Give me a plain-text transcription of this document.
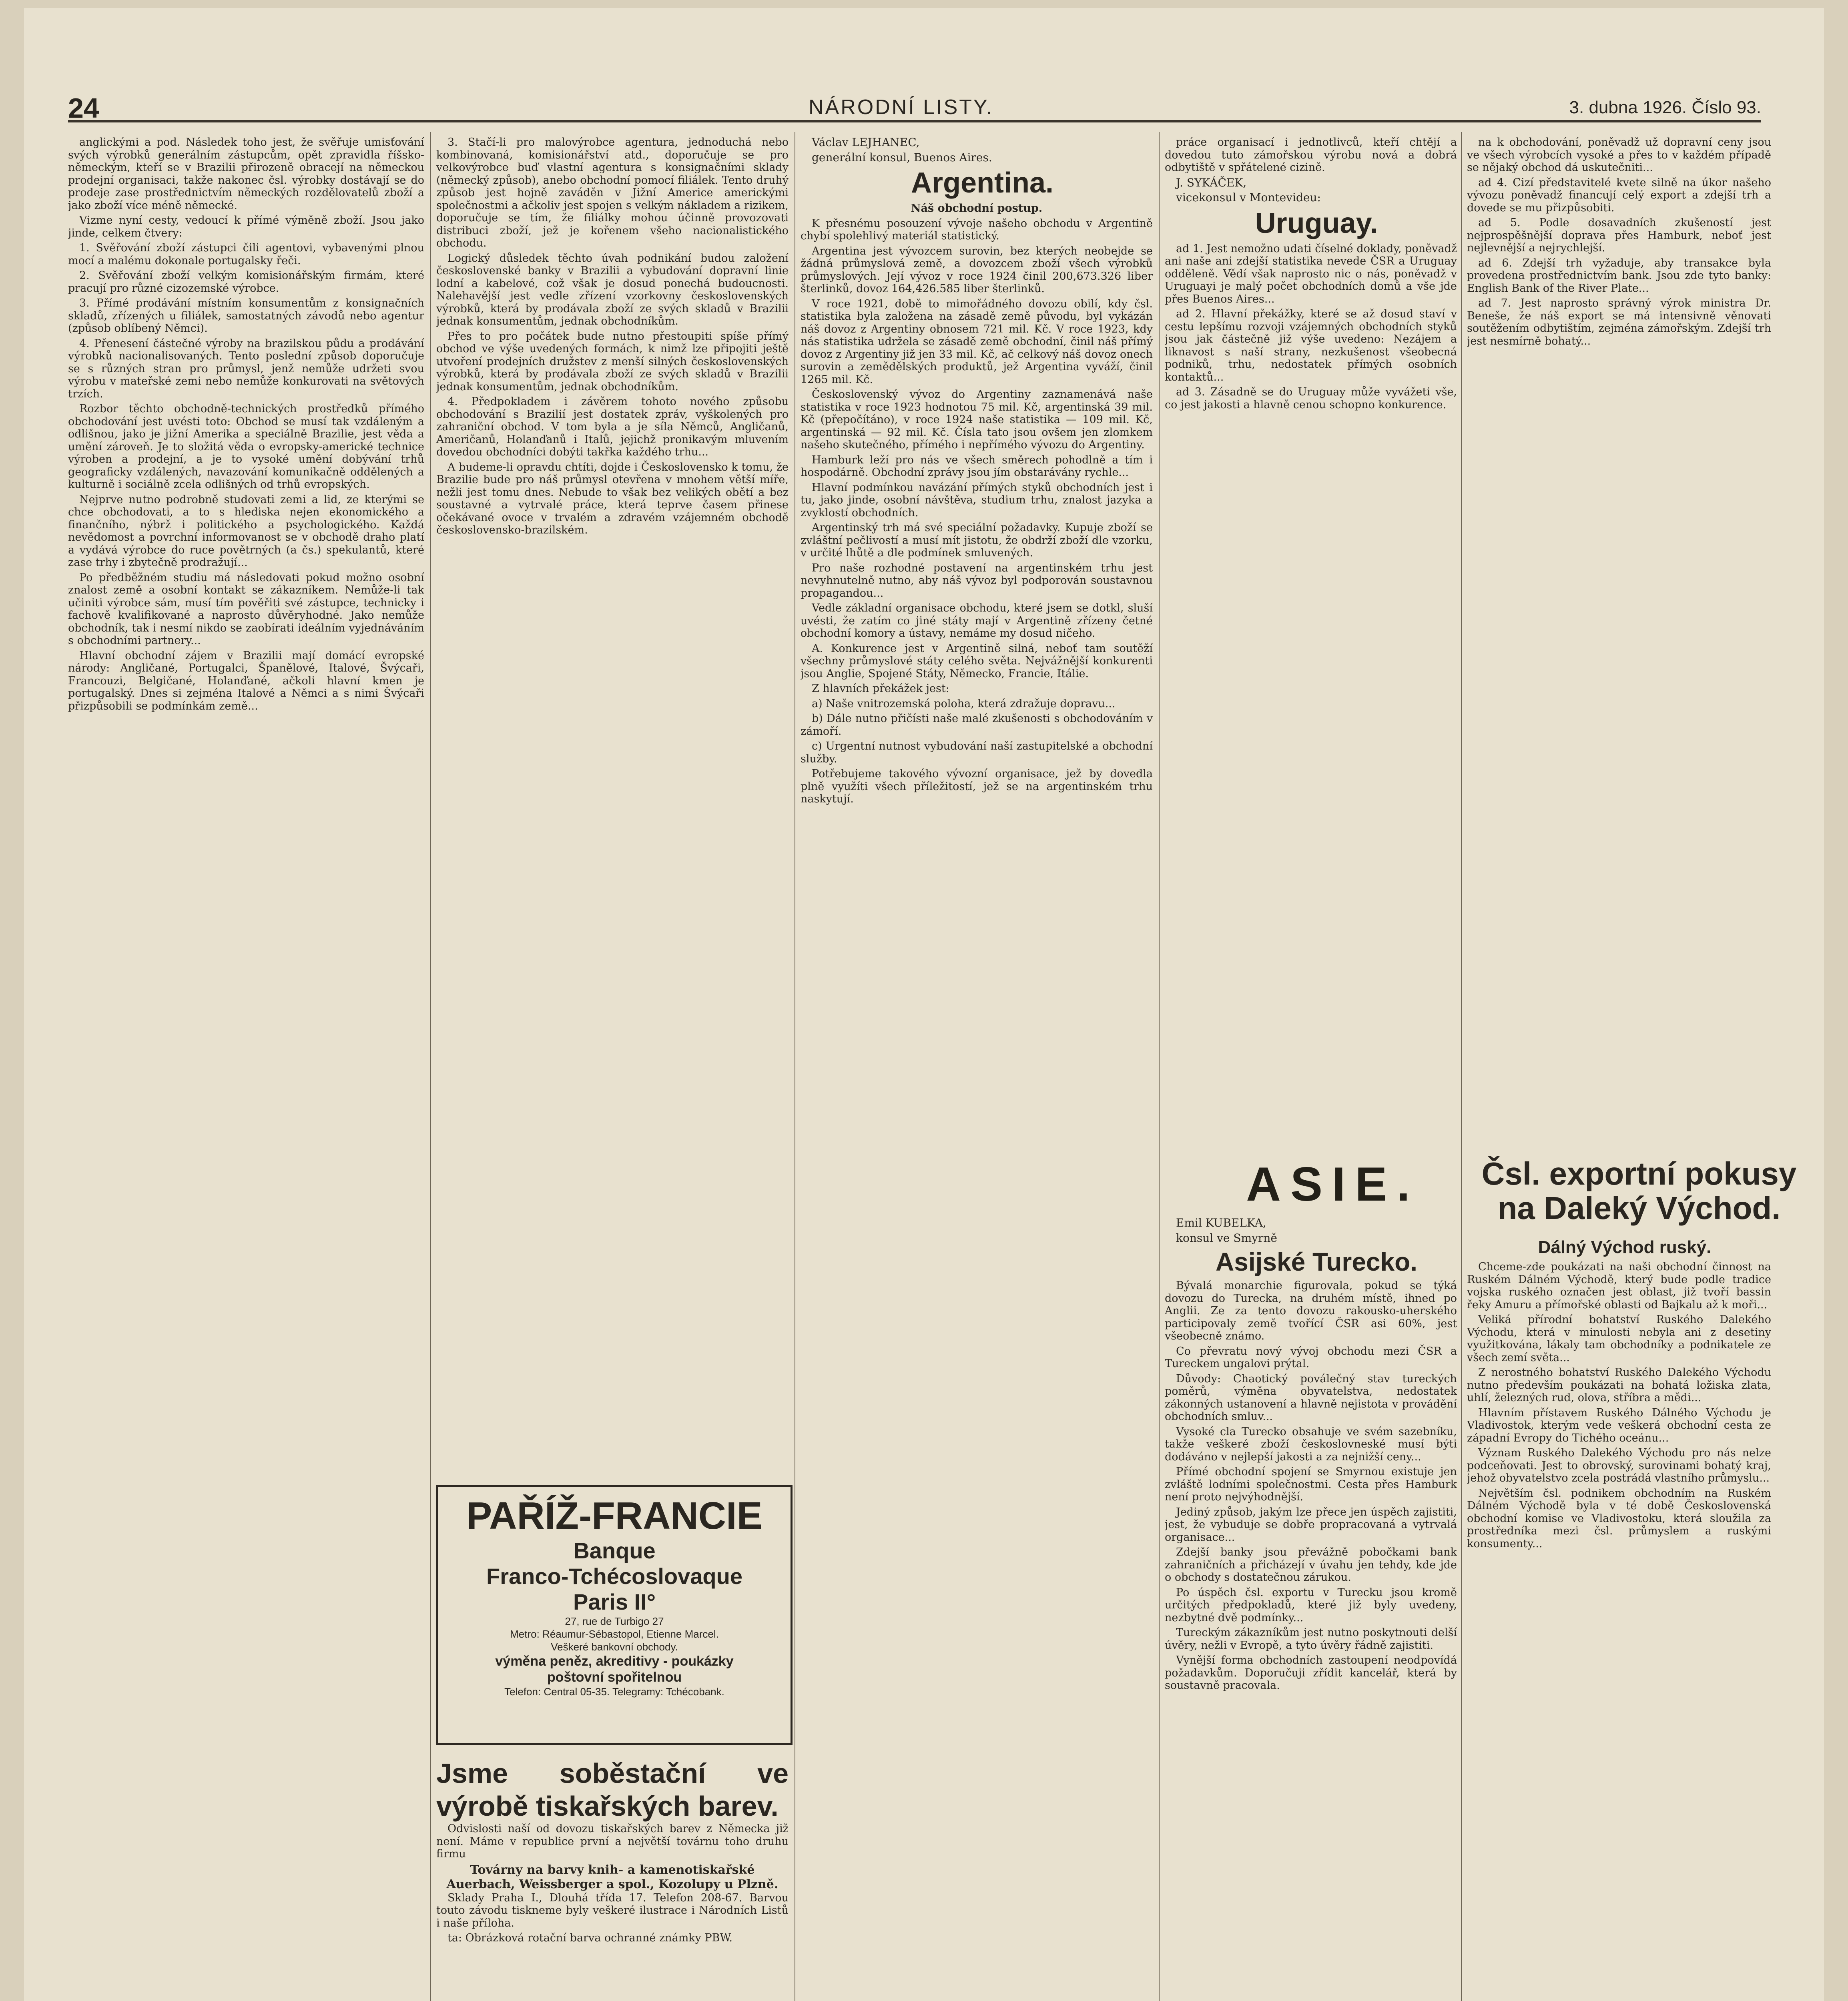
24	NÁRODNÍ LISTY.	3. dubna 1926. Číslo 93.

anglickými a pod. Následek toho jest, že svěřuje umisťování svých výrobků generálním zástupcům, opět zpravidla říšsko-německým, kteří se v Brazilii přirozeně obracejí na německou prodejní organisaci, takže nakonec čsl. výrobky dostávají se do prodeje zase prostřednictvím německých rozdělovatelů zboží a jako zboží více méně německé.

Vizme nyní cesty, vedoucí k přímé výměně zboží. Jsou jako jinde, celkem čtvery:

1. Svěřování zboží zástupci čili agentovi, vybavenými plnou mocí a malému dokonale portugalsky řeči.

2. Svěřování zboží velkým komisionářským firmám, které pracují pro různé cizozemské výrobce.

3. Přímé prodávání místním konsumentům z konsignačních skladů, zřízených u filiálek, samostatných závodů nebo agentur (způsob oblíbený Němci).

4. Přenesení částečné výroby na brazilskou půdu a prodávání výrobků nacionalisovaných. Tento poslední způsob doporučuje se s různých stran pro průmysl, jenž nemůže udržeti svou výrobu v mateřské zemi nebo nemůže konkurovati na světových trzích.

Rozbor těchto obchodně-technických prostředků přímého obchodování jest uvésti toto: Obchod se musí tak vzdáleným a odlišnou, jako je jižní Amerika a speciálně Brazilie, jest věda a umění zároveň. Je to složitá věda o evropsky-americké technice výroben a prodejní, a je to vysoké umění dobývání trhů geograficky vzdálených, navazování komunikačně oddělených a kulturně i sociálně zcela odlišných od trhů evropských.

Nejprve nutno podrobně studovati zemi a lid, ze kterými se chce obchodovati, a to s hlediska nejen ekonomického a finančního, nýbrž i politického a psychologického. Každá nevědomost a povrchní informovanost se v obchodě draho platí a vydává výrobce do ruce povětrných (a čs.) spekulantů, které zase trhy i zbytečně prodražují...

Po předběžném studiu má následovati pokud možno osobní znalost země a osobní kontakt se zákazníkem. Nemůže-li tak učiniti výrobce sám, musí tím pověřiti své zástupce, technicky i fachově kvalifikované a naprosto důvěryhodné. Jako nemůže obchodník, tak i nesmí nikdo se zaobírati ideálním vyjednáváním s obchodními partnery...

Hlavní obchodní zájem v Brazilii mají domácí evropské národy: Angličané, Portugalci, Španělové, Italové, Švýcaři, Francouzi, Belgičané, Holanďané, ačkoli hlavní kmen je portugalský. Dnes si zejména Italové a Němci a s nimi Švýcaři přizpůsobili se podmínkám země...

3. Stačí-li pro malovýrobce agentura, jednoduchá nebo kombinovaná, komisionářství atd., doporučuje se pro velkovýrobce buď vlastní agentura s konsignačními sklady (německý způsob), anebo obchodní pomocí filiálek. Tento druhý způsob jest hojně zaváděn v Jižní Americe americkými společnostmi a ačkoliv jest spojen s velkým nákladem a rizikem, doporučuje se tím, že filiálky mohou účinně provozovati distribuci zboží, jež je kořenem všeho nacionalistického obchodu.

Logický důsledek těchto úvah podnikání budou založení československé banky v Brazilii a vybudování dopravní linie lodní a kabelové, což však je dosud ponechá budoucnosti. Nalehavější jest vedle zřízení vzorkovny československých výrobků, která by prodávala zboží ze svých skladů v Brazilii jednak konsumentům, jednak obchodníkům.

Přes to pro počátek bude nutno přestoupiti spíše přímý obchod ve výše uvedených formách, k nimž lze připojiti ještě utvoření prodejních družstev z menší silných československých výrobků, která by prodávala zboží ze svých skladů v Brazilii jednak konsumentům, jednak obchodníkům.

4. Předpokladem i závěrem tohoto nového způsobu obchodování s Brazilií jest dostatek zpráv, vyškolených pro zahraniční obchod. V tom byla a je síla Němců, Angličanů, Američanů, Holanďanů i Italů, jejichž pronikavým mluvením dovedou obchodníci dobýti takřka každého trhu...

A budeme-li opravdu chtíti, dojde i Československo k tomu, že Brazilie bude pro náš průmysl otevřena v mnohem větší míře, nežli jest tomu dnes. Nebude to však bez velikých obětí a bez soustavné a vytrvalé práce, která teprve časem přinese očekávané ovoce v trvalém a zdravém vzájemném obchodě československo-brazilském.

PAŘÍŽ-FRANCIE
Banque
Franco-Tchécoslovaque
Paris II°
27, rue de Turbigo 27
Metro: Réaumur-Sébastopol, Etienne Marcel.
Veškeré bankovní obchody.
výměna peněz, akreditivy - poukázky
poštovní spořitelnou
Telefon: Central 05-35. Telegramy: Tchécobank.
Jsme soběstační ve výrobě tiskařských barev.

Odvislosti naší od dovozu tiskařských barev z Německa již není. Máme v republice první a největší továrnu toho druhu firmu

Továrny na barvy knih- a kamenotiskařské Auerbach, Weissberger a spol., Kozolupy u Plzně.

Sklady Praha I., Dlouhá třída 17. Telefon 208-67. Barvou touto závodu tiskneme byly veškeré ilustrace i Národních Listů i naše příloha.

ta: Obrázková rotační barva ochranné známky PBW.

Václav LEJHANEC,

generální konsul, Buenos Aires.

Argentina.

Náš obchodní postup.

K přesnému posouzení vývoje našeho obchodu v Argentině chybí spolehlivý materiál statistický.

Argentina jest vývozcem surovin, bez kterých neobejde se žádná průmyslová země, a dovozcem zboží všech výrobků průmyslových. Její vývoz v roce 1924 činil 200,673.326 liber šterlinků, dovoz 164,426.585 liber šterlinků.

V roce 1921, době to mimořádného dovozu obilí, kdy čsl. statistika byla založena na zásadě země původu, byl vykázán náš dovoz z Argentiny obnosem 721 mil. Kč. V roce 1923, kdy nás statistika udržela se zásadě země obchodní, činil náš přímý dovoz z Argentiny již jen 33 mil. Kč, ač celkový náš dovoz onech surovin a zemědělských produktů, jež Argentina vyváží, činil 1265 mil. Kč.

Československý vývoz do Argentiny zaznamenává naše statistika v roce 1923 hodnotou 75 mil. Kč, argentinská 39 mil. Kč (přepočítáno), v roce 1924 naše statistika — 109 mil. Kč, argentinská — 92 mil. Kč. Čísla tato jsou ovšem jen zlomkem našeho skutečného, přímého i nepřímého vývozu do Argentiny.

Hamburk leží pro nás ve všech směrech pohodlně a tím i hospodárně. Obchodní zprávy jsou jím obstarávány rychle...

Hlavní podmínkou navázání přímých styků obchodních jest i tu, jako jinde, osobní návštěva, studium trhu, znalost jazyka a zvyklostí obchodních.

Argentinský trh má své speciální požadavky. Kupuje zboží se zvláštní pečlivostí a musí mít jistotu, že obdrží zboží dle vzorku, v určité lhůtě a dle podmínek smluvených.

Pro naše rozhodné postavení na argentinském trhu jest nevyhnutelně nutno, aby náš vývoz byl podporován soustavnou propagandou...

Vedle základní organisace obchodu, které jsem se dotkl, sluší uvésti, že zatím co jiné státy mají v Argentině zřízeny četné obchodní komory a ústavy, nemáme my dosud ničeho.

A. Konkurence jest v Argentině silná, neboť tam soutěží všechny průmyslové státy celého světa. Nejvážnější konkurenti jsou Anglie, Spojené Státy, Německo, Francie, Itálie.

Z hlavních překážek jest:

a) Naše vnitrozemská poloha, která zdražuje dopravu...

b) Dále nutno přičísti naše malé zkušenosti s obchodováním v zámoří.

c) Urgentní nutnost vybudování naší zastupitelské a obchodní služby.

Potřebujeme takového vývozní organisace, jež by dovedla plně využíti všech příležitostí, jež se na argentinském trhu naskytují.

práce organisací i jednotlivců, kteří chtějí a dovedou tuto zámořskou výrobu nová a dobrá odbytiště v spřátelené cizině.

J. SYKÁČEK,

vicekonsul v Montevideu:

Uruguay.

ad 1. Jest nemožno udati číselné doklady, poněvadž ani naše ani zdejší statistika nevede ČSR a Uruguay odděleně. Vědí však naprosto nic o nás, poněvadž v Uruguayi je malý počet obchodních domů a vše jde přes Buenos Aires...

ad 2. Hlavní překážky, které se až dosud staví v cestu lepšímu rozvoji vzájemných obchodních styků jsou jak částečně již výše uvedeno: Nezájem a liknavost s naší strany, nezkušenost všeobecná podniků, trhu, nedostatek přímých osobních kontaktů...

ad 3. Zásadně se do Uruguay může vyvážeti vše, co jest jakosti a hlavně cenou schopno konkurence.

ASIE.

Emil KUBELKA,

konsul ve Smyrně

Asijské Turecko.

Bývalá monarchie figurovala, pokud se týká dovozu do Turecka, na druhém místě, ihned po Anglii. Ze za tento dovozu rakousko-uherského participovaly země tvořící ČSR asi 60%, jest všeobecně známo.

Co převratu nový vývoj obchodu mezi ČSR a Tureckem ungalovi prýtal.

Důvody: Chaotický poválečný stav tureckých poměrů, výměna obyvatelstva, nedostatek zákonných ustanovení a hlavně nejistota v provádění obchodních smluv...

Vysoké cla Turecko obsahuje ve svém sazebníku, takže veškeré zboží českoslovneské musí býti dodáváno v nejlepší jakosti a za nejnižší ceny...

Přímé obchodní spojení se Smyrnou existuje jen zvláště lodními společnostmi. Cesta přes Hamburk není proto nejvýhodnější.

Jediný způsob, jakým lze přece jen úspěch zajistiti, jest, že vybuduje se dobře propracovaná a vytrvalá organisace...

Zdejší banky jsou převážně pobočkami bank zahraničních a přicházejí v úvahu jen tehdy, kde jde o obchody s dostatečnou zárukou.

Po úspěch čsl. exportu v Turecku jsou kromě určitých předpokladů, které již byly uvedeny, nezbytné dvě podmínky...

Tureckým zákazníkům jest nutno poskytnouti delší úvěry, nežli v Evropě, a tyto úvěry řádně zajistiti.

Vynější forma obchodních zastoupení neodpovídá požadavkům. Doporučuji zřídit kancelář, která by soustavně pracovala.

na k obchodování, poněvadž už dopravní ceny jsou ve všech výrobcích vysoké a přes to v každém případě se nějaký obchod dá uskutečniti...

ad 4. Cizí představitelé kvete silně na úkor našeho vývozu poněvadž financují celý export a zdejší trh a dovede se mu přizpůsobiti.

ad 5. Podle dosavadních zkušeností jest nejprospěšnější doprava přes Hamburk, neboť jest nejlevnější a nejrychlejší.

ad 6. Zdejší trh vyžaduje, aby transakce byla provedena prostřednictvím bank. Jsou zde tyto banky: English Bank of the River Plate...

ad 7. Jest naprosto správný výrok ministra Dr. Beneše, že náš export se má intensivně věnovati soutěžením odbytištím, zejména zámořským. Zdejší trh jest nesmírně bohatý...

Čsl. exportní pokusy na Daleký Východ.

Dálný Východ ruský.

Chceme-zde poukázati na naši obchodní činnost na Ruském Dálném Východě, který bude podle tradice vojska ruského označen jest oblast, již tvoří bassin řeky Amuru a přímořské oblasti od Bajkalu až k moři...

Veliká přírodní bohatství Ruského Dalekého Východu, která v minulosti nebyla ani z desetiny využitkována, lákaly tam obchodníky a podnikatele ze všech zemí světa...

Z nerostného bohatství Ruského Dalekého Východu nutno především poukázati na bohatá ložiska zlata, uhlí, železných rud, olova, stříbra a mědi...

Hlavním přístavem Ruského Dálného Východu je Vladivostok, kterým vede veškerá obchodní cesta ze západní Evropy do Tichého oceánu...

Význam Ruského Dalekého Východu pro nás nelze podceňovati. Jest to obrovský, surovinami bohatý kraj, jehož obyvatelstvo zcela postrádá vlastního průmyslu...

Největším čsl. podnikem obchodním na Ruském Dálném Východě byla v té době Československá obchodní komise ve Vladivostoku, která sloužila za prostředníka mezi čsl. průmyslem a ruskými konsumenty...
